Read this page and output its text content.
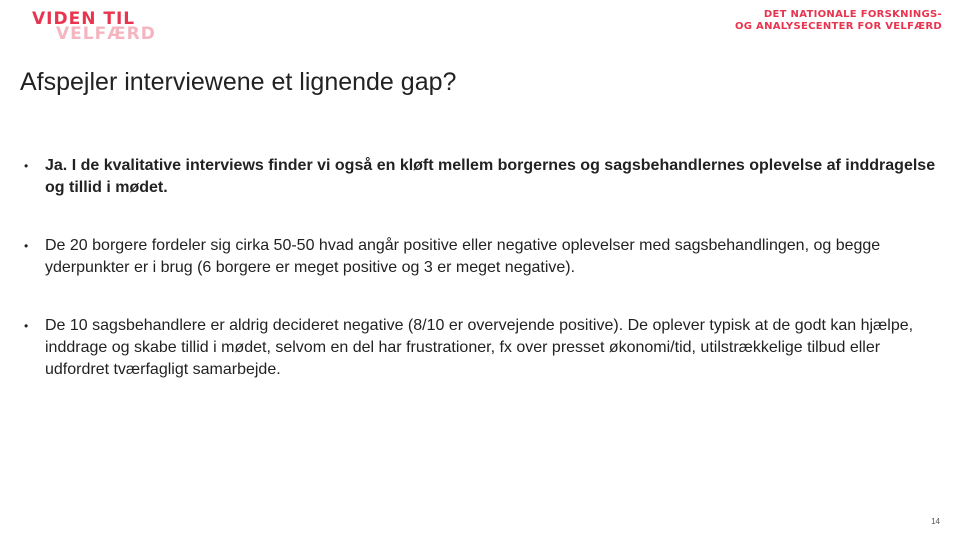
VIDEN TIL
VELFÆRD
DET NATIONALE FORSKNINGS-
OG ANALYSECENTER FOR VELFÆRD
Afspejler interviewene et lignende gap?
• Ja. I de kvalitative interviews finder vi også en kløft mellem borgernes og sagsbehandlernes oplevelse af inddragelse og tillid i mødet.
• De 20 borgere fordeler sig cirka 50-50 hvad angår positive eller negative oplevelser med sagsbehandlingen, og begge yderpunkter er i brug (6 borgere er meget positive og 3 er meget negative).
• De 10 sagsbehandlere er aldrig decideret negative (8/10 er overvejende positive). De oplever typisk at de godt kan hjælpe, inddrage og skabe tillid i mødet, selvom en del har frustrationer, fx over presset økonomi/tid, utilstrækkelige tilbud eller udfordret tværfagligt samarbejde.
14
